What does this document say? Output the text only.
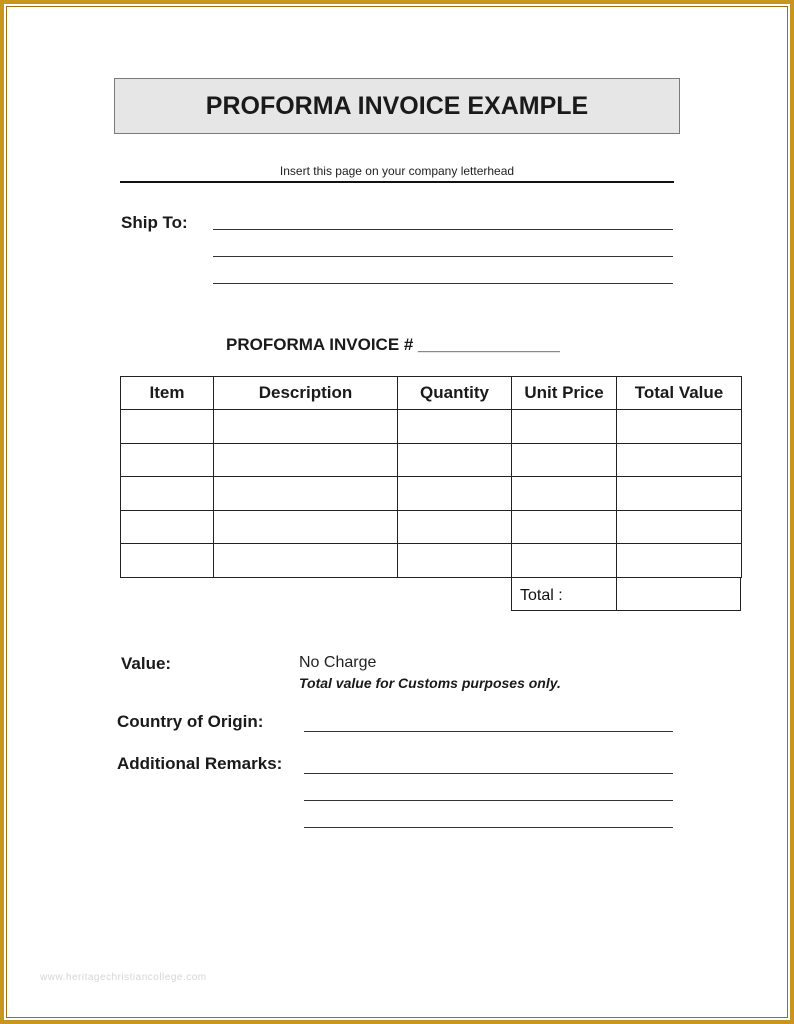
PROFORMA INVOICE EXAMPLE
Insert this page on your company letterhead
Ship To:
PROFORMA INVOICE # _______________
Item	Description	Quantity	Unit Price	Total Value

Total :
Value:	No Charge
Total value for Customs purposes only.
Country of Origin:
Additional Remarks:
www.heritagechristiancollege.com
